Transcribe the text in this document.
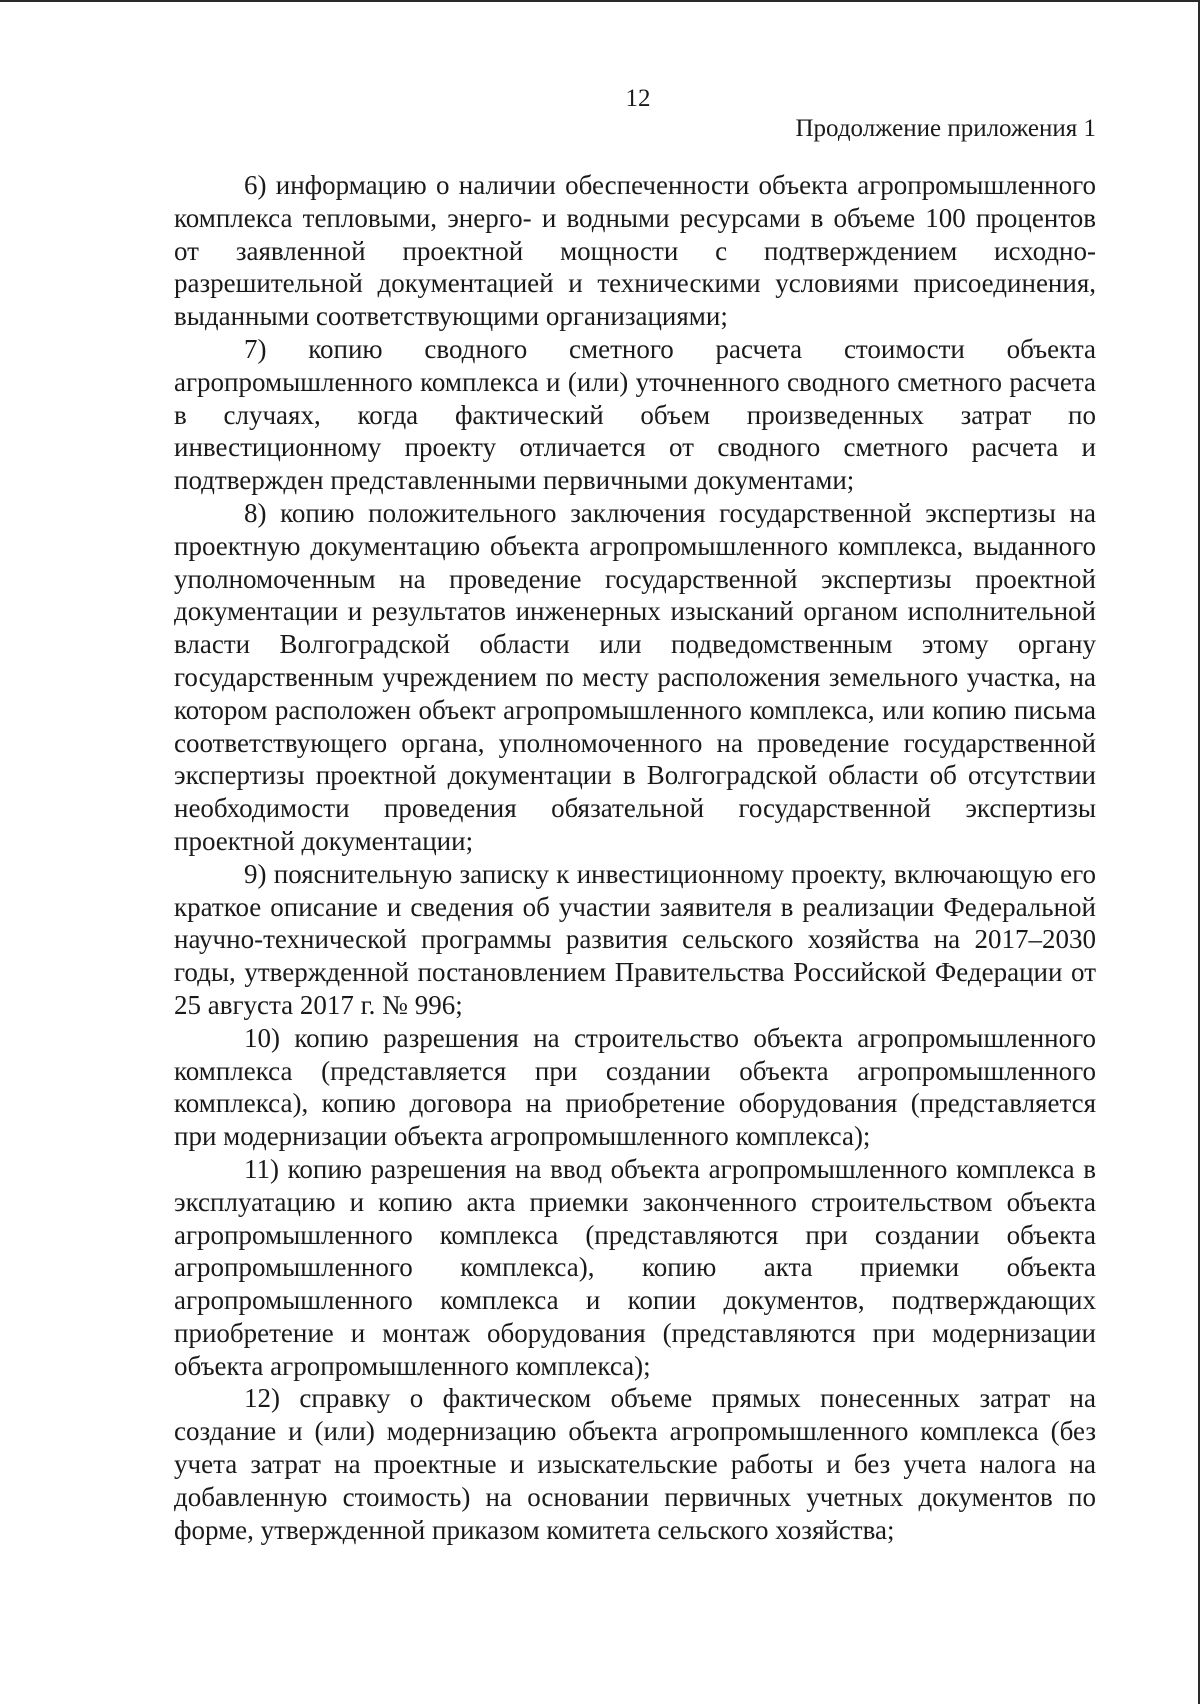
12
Продолжение приложения 1

6) информацию о наличии обеспеченности объекта агропромышленного комплекса тепловыми, энерго- и водными ресурсами в объеме 100 процентов от заявленной проектной мощности с подтверждением исходно-разрешительной документацией и техническими условиями присоединения, выданными соответствующими организациями;

7) копию сводного сметного расчета стоимости объекта агропромышленного комплекса и (или) уточненного сводного сметного расчета в случаях, когда фактический объем произведенных затрат по инвестиционному проекту отличается от сводного сметного расчета и подтвержден представленными первичными документами;

8) копию положительного заключения государственной экспертизы на проектную документацию объекта агропромышленного комплекса, выданного уполномоченным на проведение государственной экспертизы проектной документации и результатов инженерных изысканий органом исполнительной власти Волгоградской области или подведомственным этому органу государственным учреждением по месту расположения земельного участка, на котором расположен объект агропромышленного комплекса, или копию письма соответствующего органа, уполномоченного на проведение государственной экспертизы проектной документации в Волгоградской области об отсутствии необходимости проведения обязательной государственной экспертизы проектной документации;

9) пояснительную записку к инвестиционному проекту, включающую его краткое описание и сведения об участии заявителя в реализации Федеральной научно-технической программы развития сельского хозяйства на 2017–2030 годы, утвержденной постановлением Правительства Российской Федерации от 25 августа 2017 г. № 996;

10) копию разрешения на строительство объекта агропромышленного комплекса (представляется при создании объекта агропромышленного комплекса), копию договора на приобретение оборудования (представляется при модернизации объекта агропромышленного комплекса);

11) копию разрешения на ввод объекта агропромышленного комплекса в эксплуатацию и копию акта приемки законченного строительством объекта агропромышленного комплекса (представляются при создании объекта агропромышленного комплекса), копию акта приемки объекта агропромышленного комплекса и копии документов, подтверждающих приобретение и монтаж оборудования (представляются при модернизации объекта агропромышленного комплекса);

12) справку о фактическом объеме прямых понесенных затрат на создание и (или) модернизацию объекта агропромышленного комплекса (без учета затрат на проектные и изыскательские работы и без учета налога на добавленную стоимость) на основании первичных учетных документов по форме, утвержденной приказом комитета сельского хозяйства;
